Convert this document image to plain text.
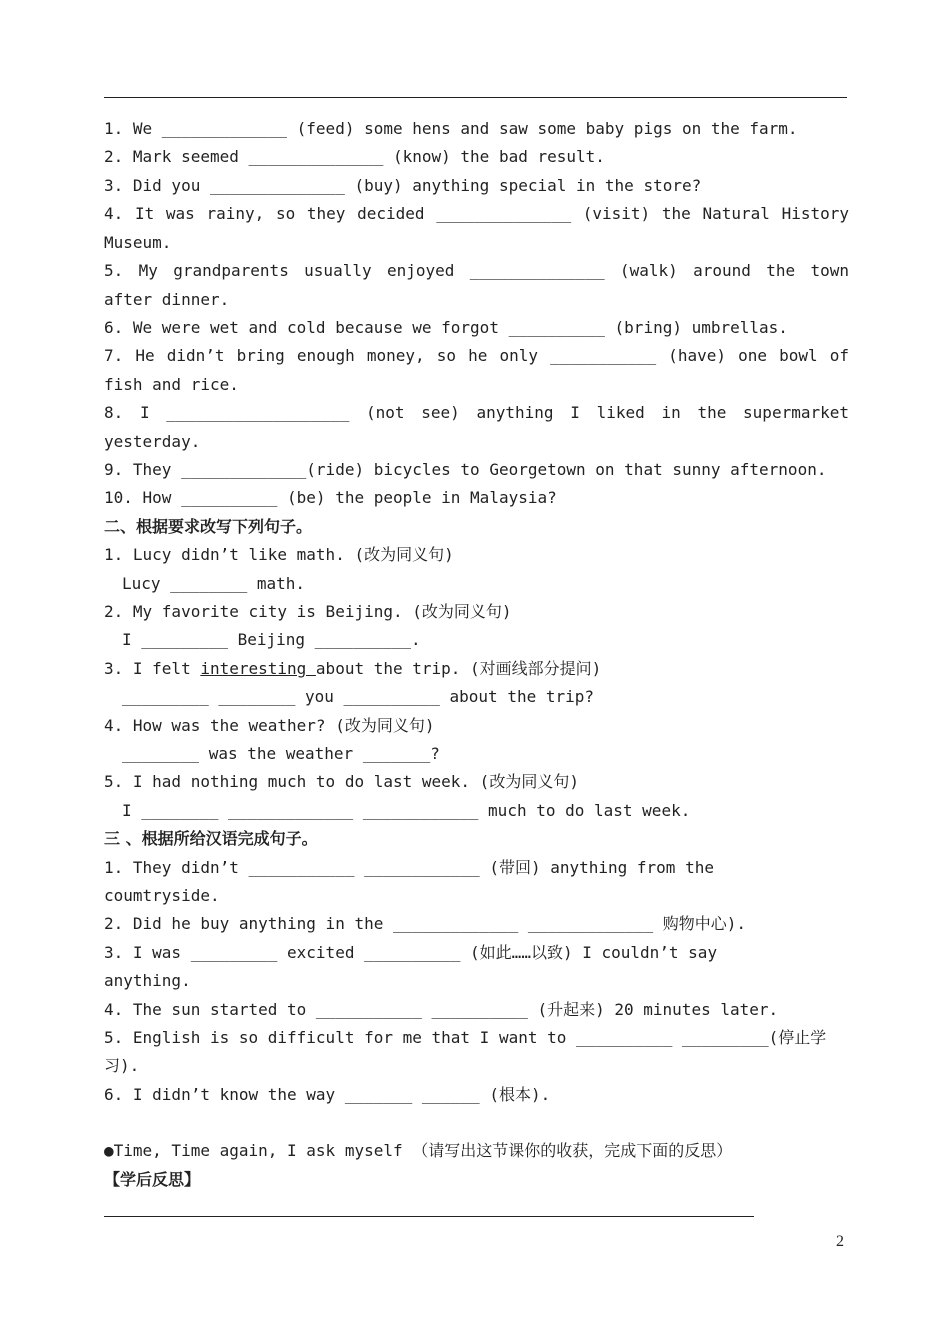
1. We _____________ (feed) some hens and saw some baby pigs on the farm.
2. Mark seemed ______________ (know) the bad result.
3. Did you ______________ (buy) anything special in the store?
4. It was rainy, so they decided ______________ (visit) the Natural History
Museum.
5. My grandparents usually enjoyed ______________ (walk) around the town
after dinner.
6. We were wet and cold because we forgot __________ (bring) umbrellas.
7. He didn’t bring enough money, so he only ___________ (have) one bowl of
fish and rice.
8. I ___________________ (not see) anything I liked in the supermarket
yesterday.
9. They _____________(ride) bicycles to Georgetown on that sunny afternoon.
10. How __________ (be) the people in Malaysia?
二、根据要求改写下列句子。
1. Lucy didn’t like math. (改为同义句)
Lucy ________ math.
2. My favorite city is Beijing. (改为同义句)
I _________ Beijing __________.
3. I felt interesting about the trip. (对画线部分提问)
_________ ________ you __________ about the trip?
4. How was the weather? (改为同义句)
________ was the weather _______?
5. I had nothing much to do last week. (改为同义句)
I ________ _____________ ____________ much to do last week.
三 、根据所给汉语完成句子。
1. They didn’t ___________ ____________ (带回) anything from the
coumtryside.
2. Did he buy anything in the _____________ _____________ 购物中心).
3. I was _________ excited __________ (如此……以致) I couldn’t say
anything.
4. The sun started to ___________ __________ (升起来) 20 minutes later.
5. English is so difficult for me that I want to __________ _________(停止学
习).
6. I didn’t know the way _______ ______ (根本).
●Time, Time again, I ask myself （请写出这节课你的收获，完成下面的反思）
【学后反思】
2
